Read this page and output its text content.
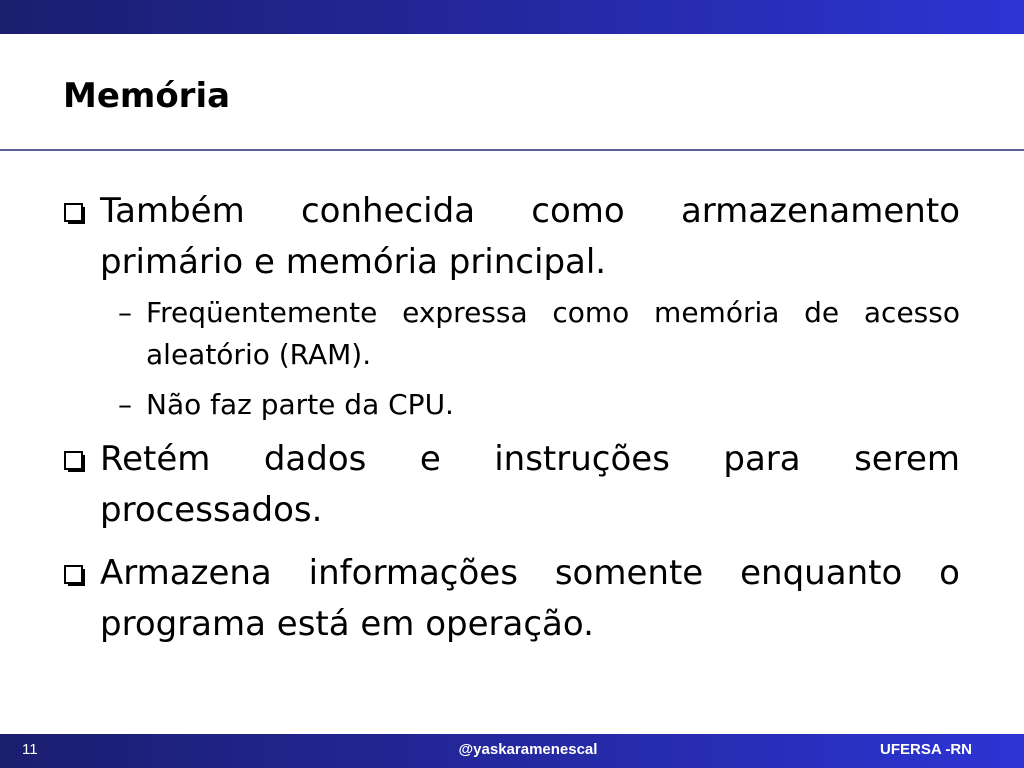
Memória
Também conhecida como armazenamento primário e memória principal.
– Freqüentemente expressa como memória de acesso aleatório (RAM).
– Não faz parte da CPU.
Retém dados e instruções para serem processados.
Armazena informações somente enquanto o programa está em operação.
11	@yaskaramenescal	UFERSA -RN
